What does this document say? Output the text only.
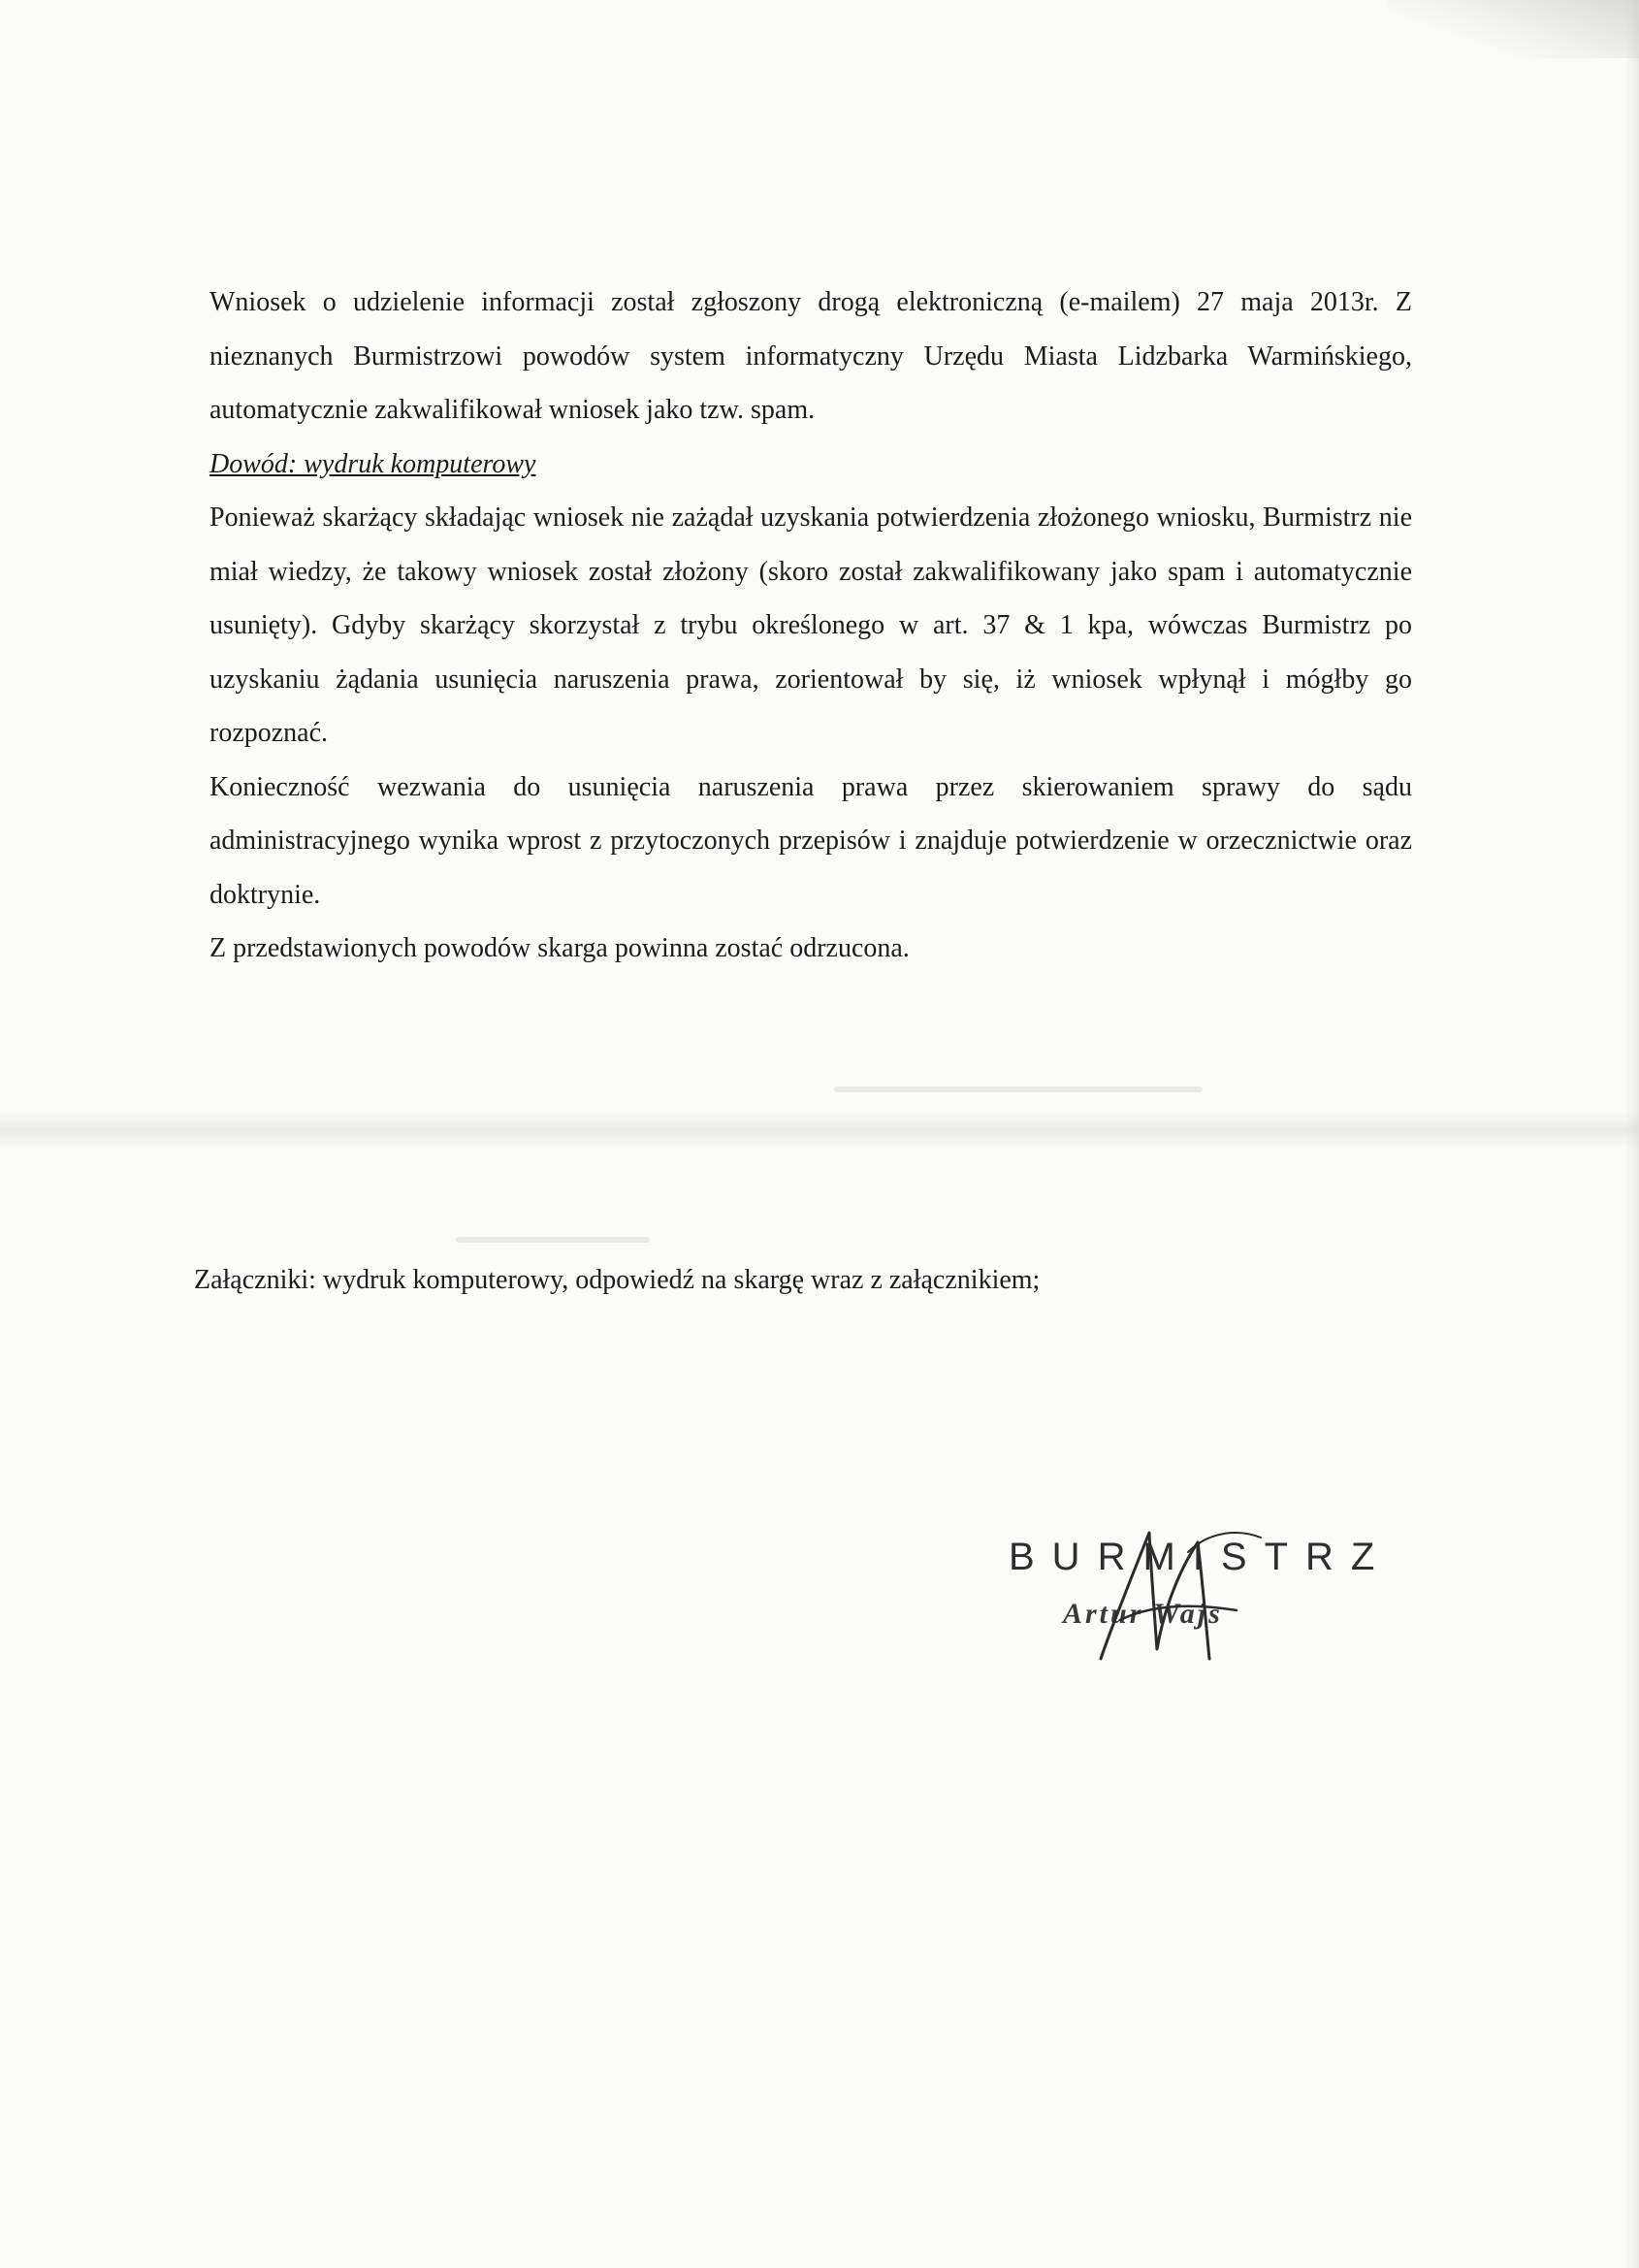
Wniosek o udzielenie informacji został zgłoszony drogą elektroniczną (e-mailem) 27 maja 2013r. Z nieznanych Burmistrzowi powodów system informatyczny Urzędu Miasta Lidzbarka Warmińskiego, automatycznie zakwalifikował wniosek jako tzw. spam.

Dowód: wydruk komputerowy

Ponieważ skarżący składając wniosek nie zażądał uzyskania potwierdzenia złożonego wniosku, Burmistrz nie miał wiedzy, że takowy wniosek został złożony (skoro został zakwalifikowany jako spam i automatycznie usunięty). Gdyby skarżący skorzystał z trybu określonego w art. 37 & 1 kpa, wówczas Burmistrz po uzyskaniu żądania usunięcia naruszenia prawa, zorientował by się, iż wniosek wpłynął i mógłby go rozpoznać.

Konieczność wezwania do usunięcia naruszenia prawa przez skierowaniem sprawy do sądu administracyjnego wynika wprost z przytoczonych przepisów i znajduje potwierdzenie w orzecznictwie oraz doktrynie.

Z przedstawionych powodów skarga powinna zostać odrzucona.

Załączniki: wydruk komputerowy, odpowiedź na skargę wraz z załącznikiem;

BURMISTRZ
Artur Wajs
